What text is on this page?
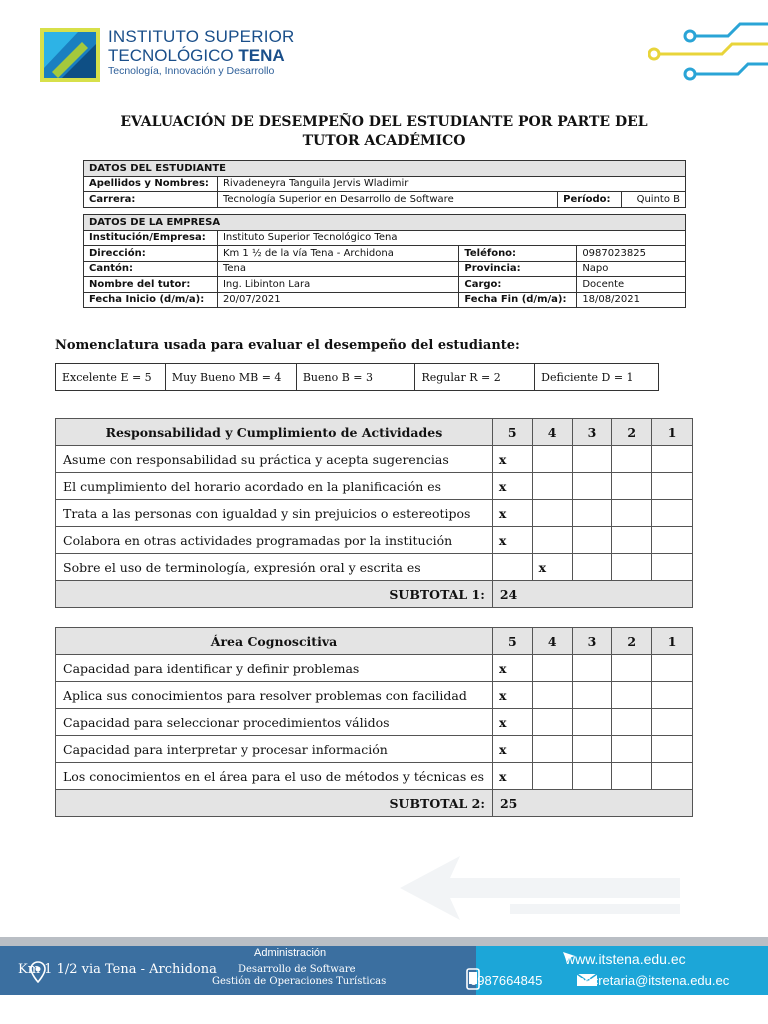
INSTITUTO SUPERIOR
TECNOLÓGICO TENA
Tecnología, Innovación y Desarrollo
EVALUACIÓN DE DESEMPEÑO DEL ESTUDIANTE POR PARTE DEL TUTOR ACADÉMICO
DATOS DEL ESTUDIANTE			
Apellidos y Nombres:	Rivadeneyra Tanguila Jervis Wladimir		
Carrera:	Tecnología Superior en Desarrollo de Software	Período:	Quinto B
DATOS DE LA EMPRESA			
Institución/Empresa:	Instituto Superior Tecnológico Tena		
Dirección:	Km 1 ½ de la vía Tena - Archidona	Teléfono:	0987023825
Cantón:	Tena	Provincia:	Napo
Nombre del tutor:	Ing. Libinton Lara	Cargo:	Docente
Fecha Inicio (d/m/a):	20/07/2021	Fecha Fin (d/m/a):	18/08/2021
Nomenclatura usada para evaluar el desempeño del estudiante:
Excelente E = 5	Muy Bueno MB = 4	Bueno B = 3	Regular R = 2	Deficiente D = 1
Responsabilidad y Cumplimiento de Actividades	5	4	3	2	1
Asume con responsabilidad su práctica y acepta sugerencias	x				
El cumplimiento del horario acordado en la planificación es	x				
Trata a las personas con igualdad y sin prejuicios o estereotipos	x				
Colabora en otras actividades programadas por la institución	x				
Sobre el uso de terminología, expresión oral y escrita es		x			
SUBTOTAL 1:	24				
Área Cognoscitiva	5	4	3	2	1
Capacidad para identificar y definir problemas	x				
Aplica sus conocimientos para resolver problemas con facilidad	x				
Capacidad para seleccionar procedimientos válidos	x				
Capacidad para interpretar y procesar información	x				
Los conocimientos en el área para el uso de métodos y técnicas es	x				
SUBTOTAL 2:	25				
Km 1 1/2 via Tena - Archidona
Administración
Desarrollo de Software
Gestión de Operaciones Turísticas
www.itstena.edu.ec
0987664845	secretaria@itstena.edu.ec
